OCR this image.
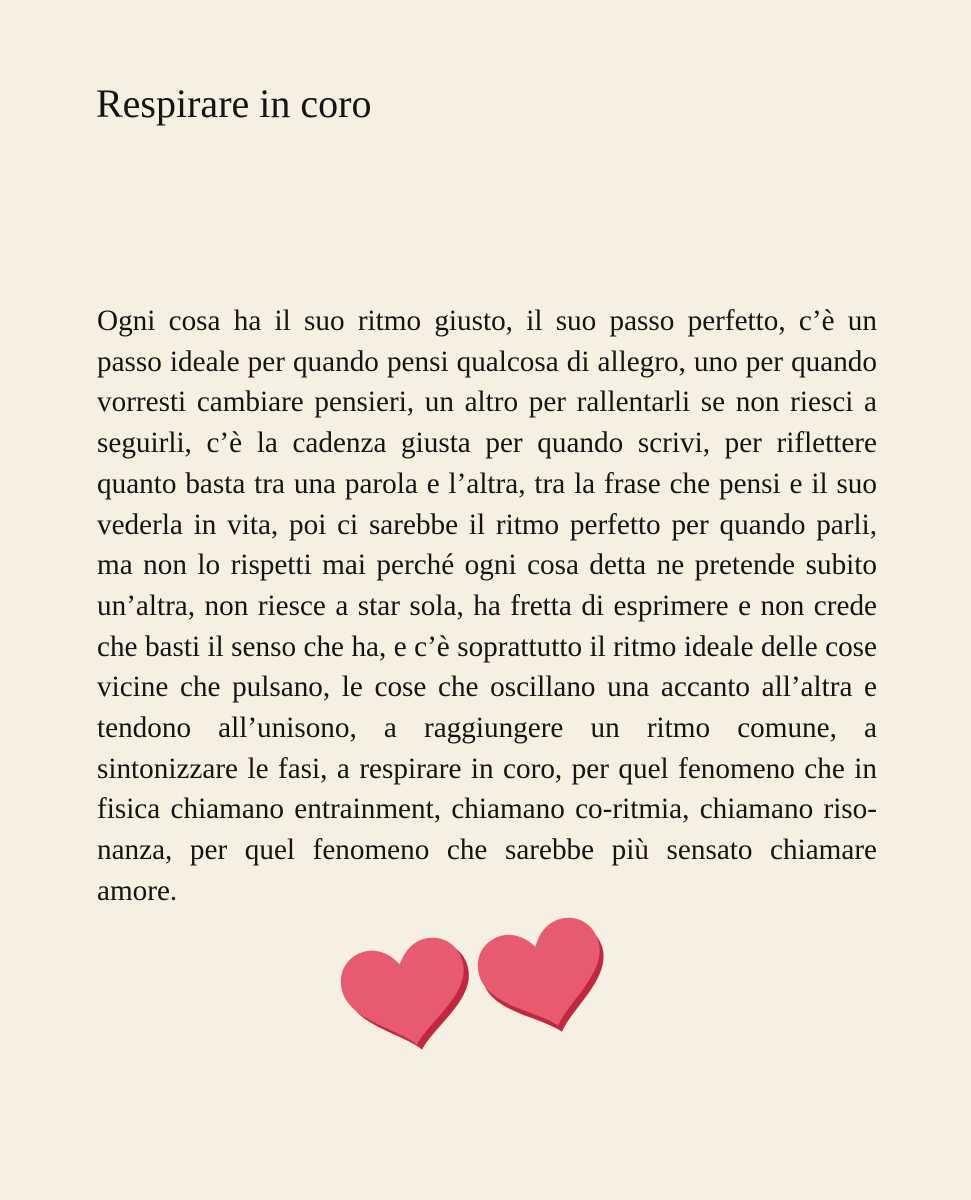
Respirare in coro

Ogni cosa ha il suo ritmo giusto, il suo passo perfetto, c’è un passo ideale per quando pensi qualcosa di allegro, uno per quando vorresti cambiare pensieri, un altro per rallentarli se non riesci a seguirli, c’è la cadenza giusta per quando scrivi, per riflettere quanto basta tra una parola e l’altra, tra la frase che pensi e il suo vederla in vita, poi ci sarebbe il ritmo perfetto per quando parli, ma non lo rispetti mai perché ogni cosa detta ne pretende subito un’altra, non riesce a star sola, ha fretta di esprimere e non crede che basti il senso che ha, e c’è soprattutto il ritmo ideale delle cose vicine che pulsano, le cose che oscillano una accanto all’altra e tendono all’unisono, a raggiungere un ritmo comune, a sintonizzare le fasi, a respirare in coro, per quel fenomeno che in fisica chiamano entrainment, chiamano co-ritmia, chiamano risonanza, per quel fenomeno che sarebbe più sensato chiamare amore.
